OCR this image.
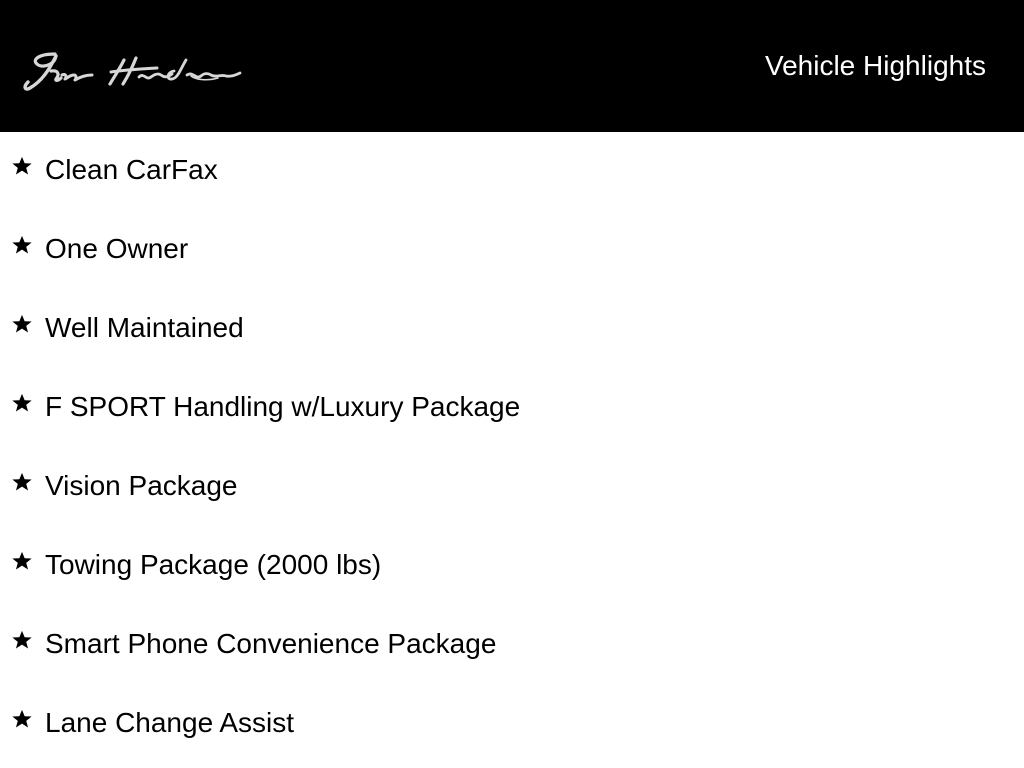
Vehicle Highlights
Clean CarFax
One Owner
Well Maintained
F SPORT Handling w/Luxury Package
Vision Package
Towing Package (2000 lbs)
Smart Phone Convenience Package
Lane Change Assist
